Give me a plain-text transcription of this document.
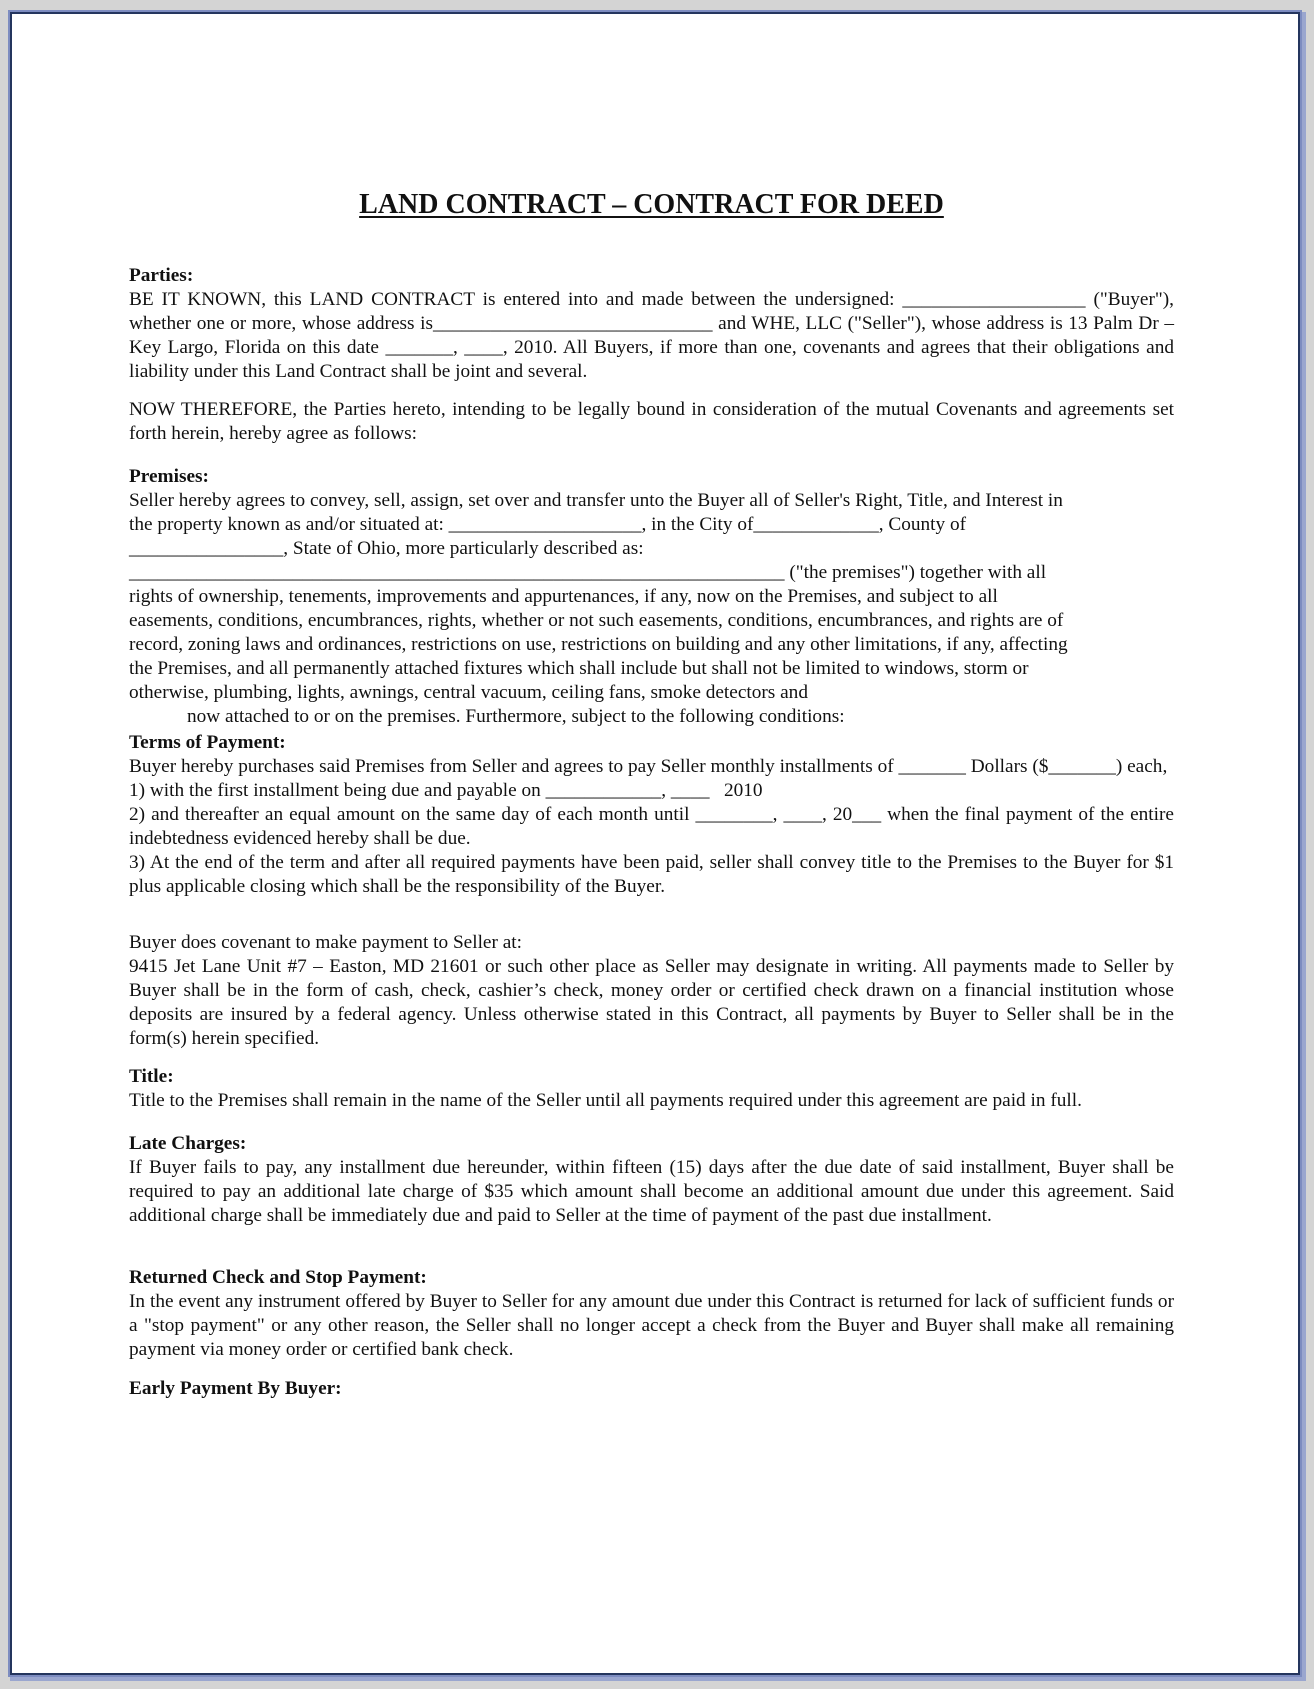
LAND CONTRACT – CONTRACT FOR DEED
Parties:

BE IT KNOWN, this LAND CONTRACT is entered into and made between the undersigned: ___________________ ("Buyer"), whether one or more, whose address is_____________________________ and WHE, LLC ("Seller"), whose address is 13 Palm Dr – Key Largo, Florida on this date _______, ____, 2010. All Buyers, if more than one, covenants and agrees that their obligations and liability under this Land Contract shall be joint and several.

NOW THEREFORE, the Parties hereto, intending to be legally bound in consideration of the mutual Covenants and agreements set forth herein, hereby agree as follows:
Premises:
Seller hereby agrees to convey, sell, assign, set over and transfer unto the Buyer all of Seller's Right, Title, and Interest in
the property known as and/or situated at: ____________________, in the City of_____________, County of
________________, State of Ohio, more particularly described as:
____________________________________________________________________ ("the premises") together with all
rights of ownership, tenements, improvements and appurtenances, if any, now on the Premises, and subject to all
easements, conditions, encumbrances, rights, whether or not such easements, conditions, encumbrances, and rights are of
record, zoning laws and ordinances, restrictions on use, restrictions on building and any other limitations, if any, affecting
the Premises, and all permanently attached fixtures which shall include but shall not be limited to windows, storm or
otherwise, plumbing, lights, awnings, central vacuum, ceiling fans, smoke detectors and
now attached to or on the premises. Furthermore, subject to the following conditions:
Terms of Payment:

Buyer hereby purchases said Premises from Seller and agrees to pay Seller monthly installments of _______ Dollars ($_______) each,

1) with the first installment being due and payable on ____________, ____   2010

2) and thereafter an equal amount on the same day of each month until ________, ____, 20___ when the final payment of the entire indebtedness evidenced hereby shall be due.

3) At the end of the term and after all required payments have been paid, seller shall convey title to the Premises to the Buyer for $1 plus applicable closing which shall be the responsibility of the Buyer.

Buyer does covenant to make payment to Seller at:

9415 Jet Lane Unit #7 – Easton, MD 21601 or such other place as Seller may designate in writing. All payments made to Seller by Buyer shall be in the form of cash, check, cashier’s check, money order or certified check drawn on a financial institution whose deposits are insured by a federal agency. Unless otherwise stated in this Contract, all payments by Buyer to Seller shall be in the form(s) herein specified.

Title:

Title to the Premises shall remain in the name of the Seller until all payments required under this agreement are paid in full.

Late Charges:

If Buyer fails to pay, any installment due hereunder, within fifteen (15) days after the due date of said installment, Buyer shall be required to pay an additional late charge of $35 which amount shall become an additional amount due under this agreement. Said additional charge shall be immediately due and paid to Seller at the time of payment of the past due installment.

Returned Check and Stop Payment:

In the event any instrument offered by Buyer to Seller for any amount due under this Contract is returned for lack of sufficient funds or a "stop payment" or any other reason, the Seller shall no longer accept a check from the Buyer and Buyer shall make all remaining payment via money order or certified bank check.

Early Payment By Buyer:
